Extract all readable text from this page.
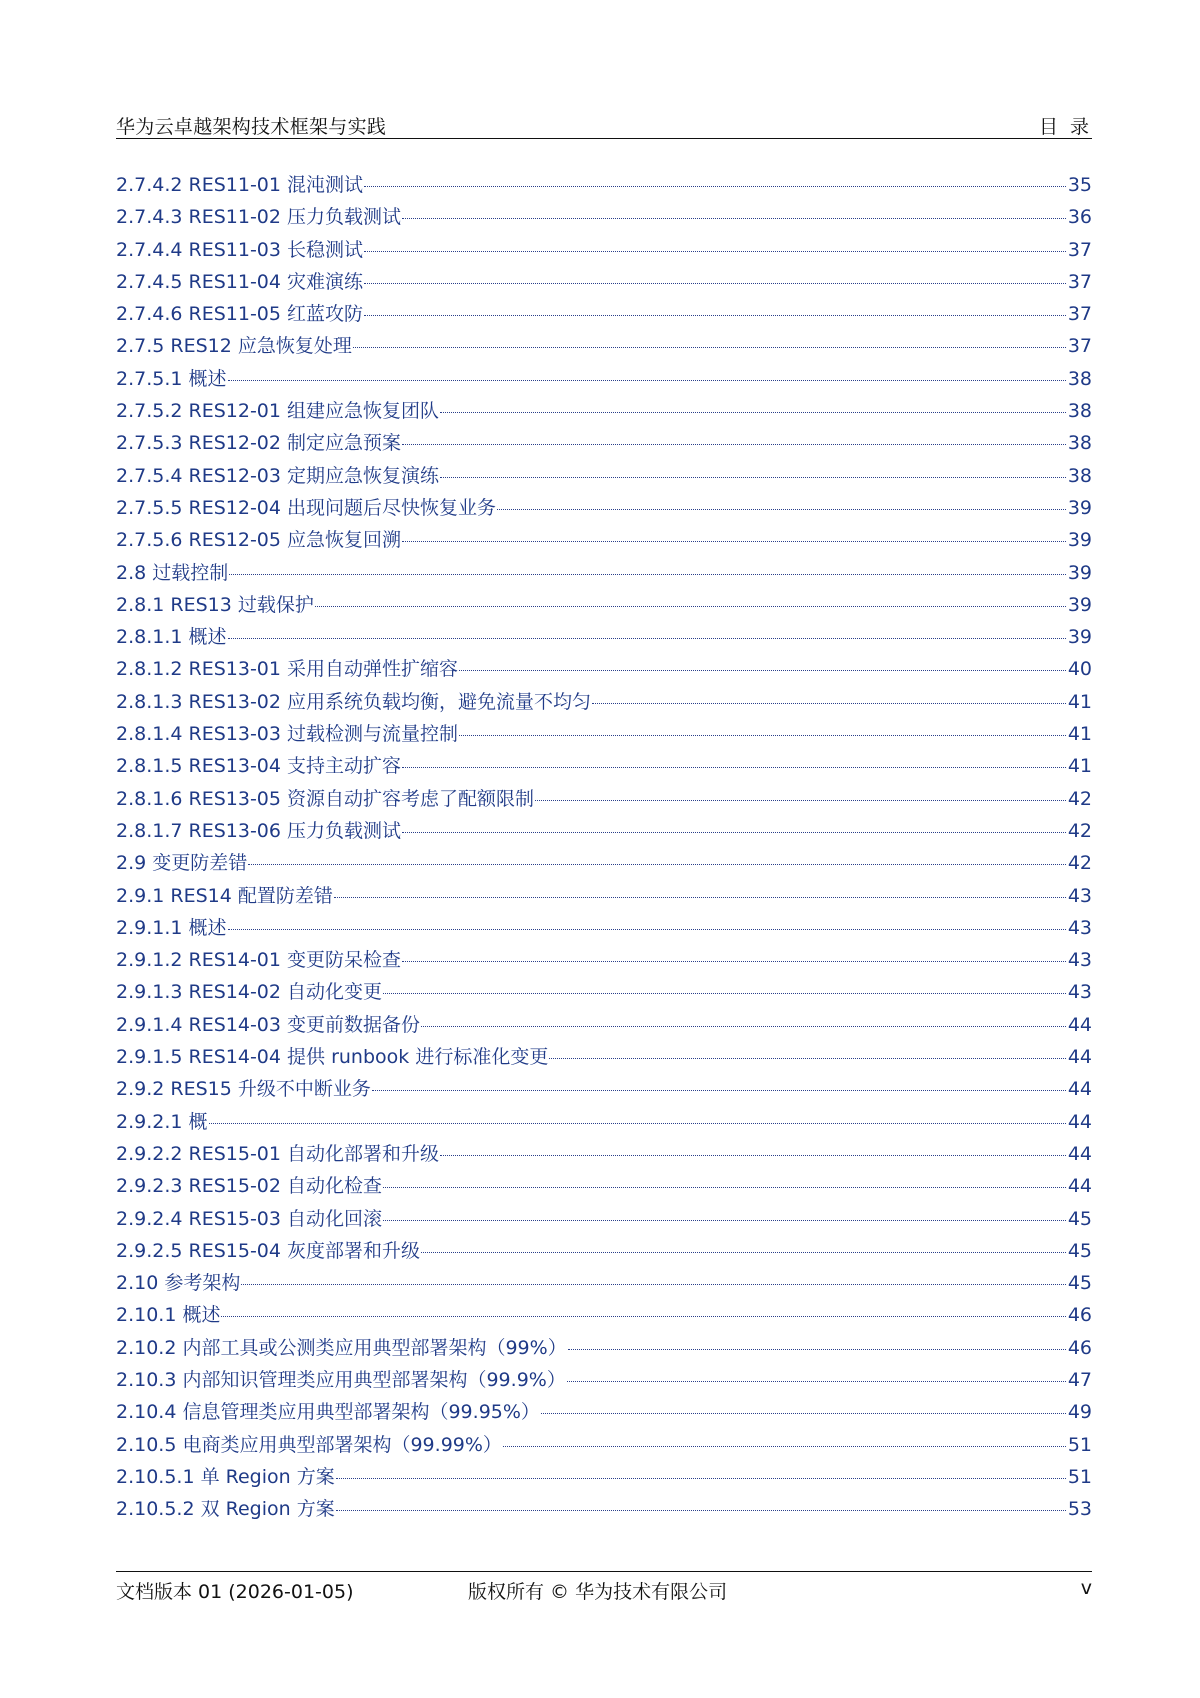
华为云卓越架构技术框架与实践	目 录
2.7.4.2 RES11-01 混沌测试	35
2.7.4.3 RES11-02 压力负载测试	36
2.7.4.4 RES11-03 长稳测试	37
2.7.4.5 RES11-04 灾难演练	37
2.7.4.6 RES11-05 红蓝攻防	37
2.7.5 RES12 应急恢复处理	37
2.7.5.1 概述	38
2.7.5.2 RES12-01 组建应急恢复团队	38
2.7.5.3 RES12-02 制定应急预案	38
2.7.5.4 RES12-03 定期应急恢复演练	38
2.7.5.5 RES12-04 出现问题后尽快恢复业务	39
2.7.5.6 RES12-05 应急恢复回溯	39
2.8 过载控制	39
2.8.1 RES13 过载保护	39
2.8.1.1 概述	39
2.8.1.2 RES13-01 采用自动弹性扩缩容	40
2.8.1.3 RES13-02 应用系统负载均衡，避免流量不均匀	41
2.8.1.4 RES13-03 过载检测与流量控制	41
2.8.1.5 RES13-04 支持主动扩容	41
2.8.1.6 RES13-05 资源自动扩容考虑了配额限制	42
2.8.1.7 RES13-06 压力负载测试	42
2.9 变更防差错	42
2.9.1 RES14 配置防差错	43
2.9.1.1 概述	43
2.9.1.2 RES14-01 变更防呆检查	43
2.9.1.3 RES14-02 自动化变更	43
2.9.1.4 RES14-03 变更前数据备份	44
2.9.1.5 RES14-04 提供 runbook 进行标准化变更	44
2.9.2 RES15 升级不中断业务	44
2.9.2.1 概	44
2.9.2.2 RES15-01 自动化部署和升级	44
2.9.2.3 RES15-02 自动化检查	44
2.9.2.4 RES15-03 自动化回滚	45
2.9.2.5 RES15-04 灰度部署和升级	45
2.10 参考架构	45
2.10.1 概述	46
2.10.2 内部工具或公测类应用典型部署架构（99%）	46
2.10.3 内部知识管理类应用典型部署架构（99.9%）	47
2.10.4 信息管理类应用典型部署架构（99.95%）	49
2.10.5 电商类应用典型部署架构（99.99%）	51
2.10.5.1 单 Region 方案	51
2.10.5.2 双 Region 方案	53
文档版本 01 (2026-01-05)	版权所有 © 华为技术有限公司	v
